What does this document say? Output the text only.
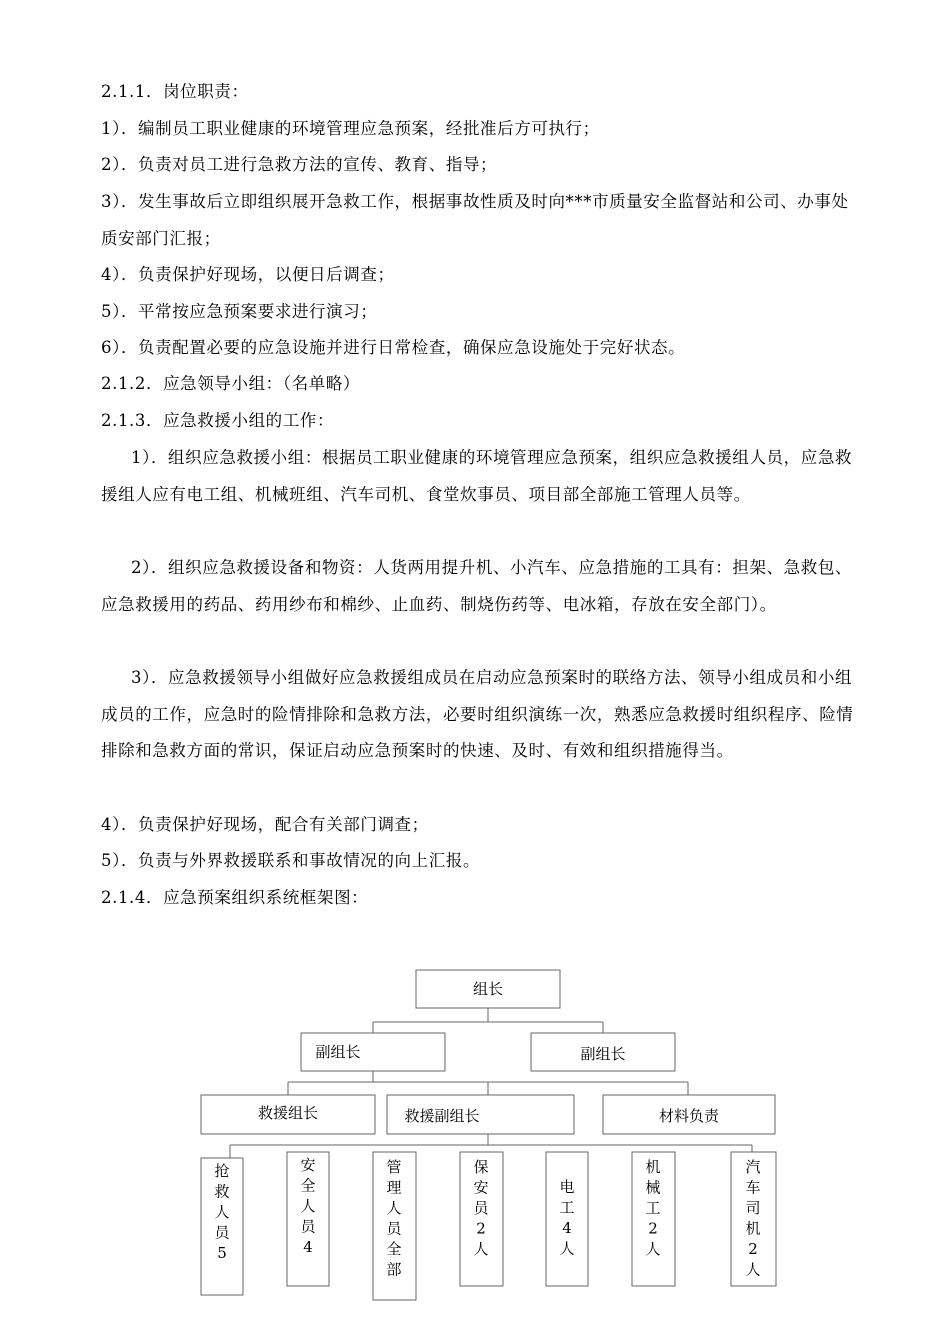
2.1.1．岗位职责：
1）．编制员工职业健康的环境管理应急预案，经批准后方可执行；
2）．负责对员工进行急救方法的宣传、教育、指导；
3）．发生事故后立即组织展开急救工作，根据事故性质及时向***市质量安全监督站和公司、办事处质安部门汇报；
4）．负责保护好现场，以便日后调查；
5）．平常按应急预案要求进行演习；
6）．负责配置必要的应急设施并进行日常检查，确保应急设施处于完好状态。
2.1.2．应急领导小组：（名单略）
2.1.3．应急救援小组的工作：
1）．组织应急救援小组：根据员工职业健康的环境管理应急预案，组织应急救援组人员，应急救援组人应有电工组、机械班组、汽车司机、食堂炊事员、项目部全部施工管理人员等。
2）．组织应急救援设备和物资：人货两用提升机、小汽车、应急措施的工具有：担架、急救包、应急救援用的药品、药用纱布和棉纱、止血药、制烧伤药等、电冰箱，存放在安全部门）。
3）．应急救援领导小组做好应急救援组成员在启动应急预案时的联络方法、领导小组成员和小组成员的工作，应急时的险情排除和急救方法，必要时组织演练一次，熟悉应急救援时组织程序、险情排除和急救方面的常识，保证启动应急预案时的快速、及时、有效和组织措施得当。
4）．负责保护好现场，配合有关部门调查；
5）．负责与外界救援联系和事故情况的向上汇报。
2.1.4．应急预案组织系统框架图：
组长
副组长	副组长
救援组长	救援副组长	材料负责
抢
救
人
员
5
安
全
人
员
4
管
理
人
员
全
部
保
安
员
2
人
电
工
4
人
机
械
工
2
人
汽
车
司
机
2
人
